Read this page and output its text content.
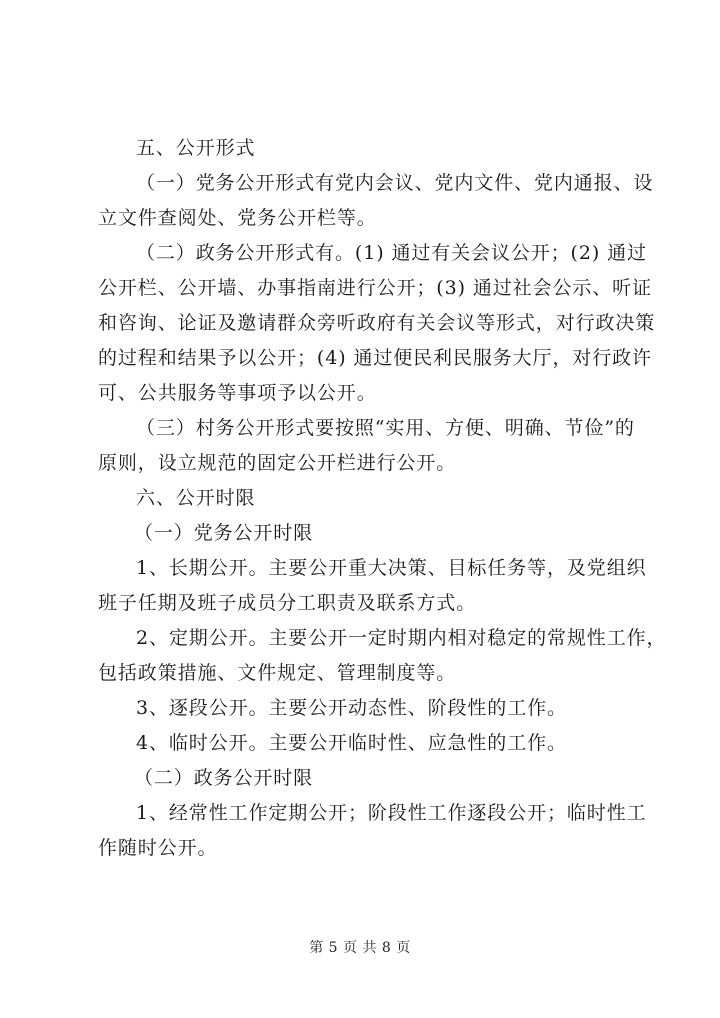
五、公开形式
（一）党务公开形式有党内会议、党内文件、党内通报、设
立文件查阅处、党务公开栏等。
（二）政务公开形式有。(1) 通过有关会议公开；(2) 通过
公开栏、公开墙、办事指南进行公开；(3) 通过社会公示、听证
和咨询、论证及邀请群众旁听政府有关会议等形式，对行政决策
的过程和结果予以公开；(4) 通过便民利民服务大厅，对行政许
可、公共服务等事项予以公开。
（三）村务公开形式要按照“实用、方便、明确、节俭”的
原则，设立规范的固定公开栏进行公开。
六、公开时限
（一）党务公开时限
1、长期公开。主要公开重大决策、目标任务等，及党组织
班子任期及班子成员分工职责及联系方式。
2、定期公开。主要公开一定时期内相对稳定的常规性工作，
包括政策措施、文件规定、管理制度等。
3、逐段公开。主要公开动态性、阶段性的工作。
4、临时公开。主要公开临时性、应急性的工作。
（二）政务公开时限
1、经常性工作定期公开；阶段性工作逐段公开；临时性工
作随时公开。
第 5 页 共 8 页
